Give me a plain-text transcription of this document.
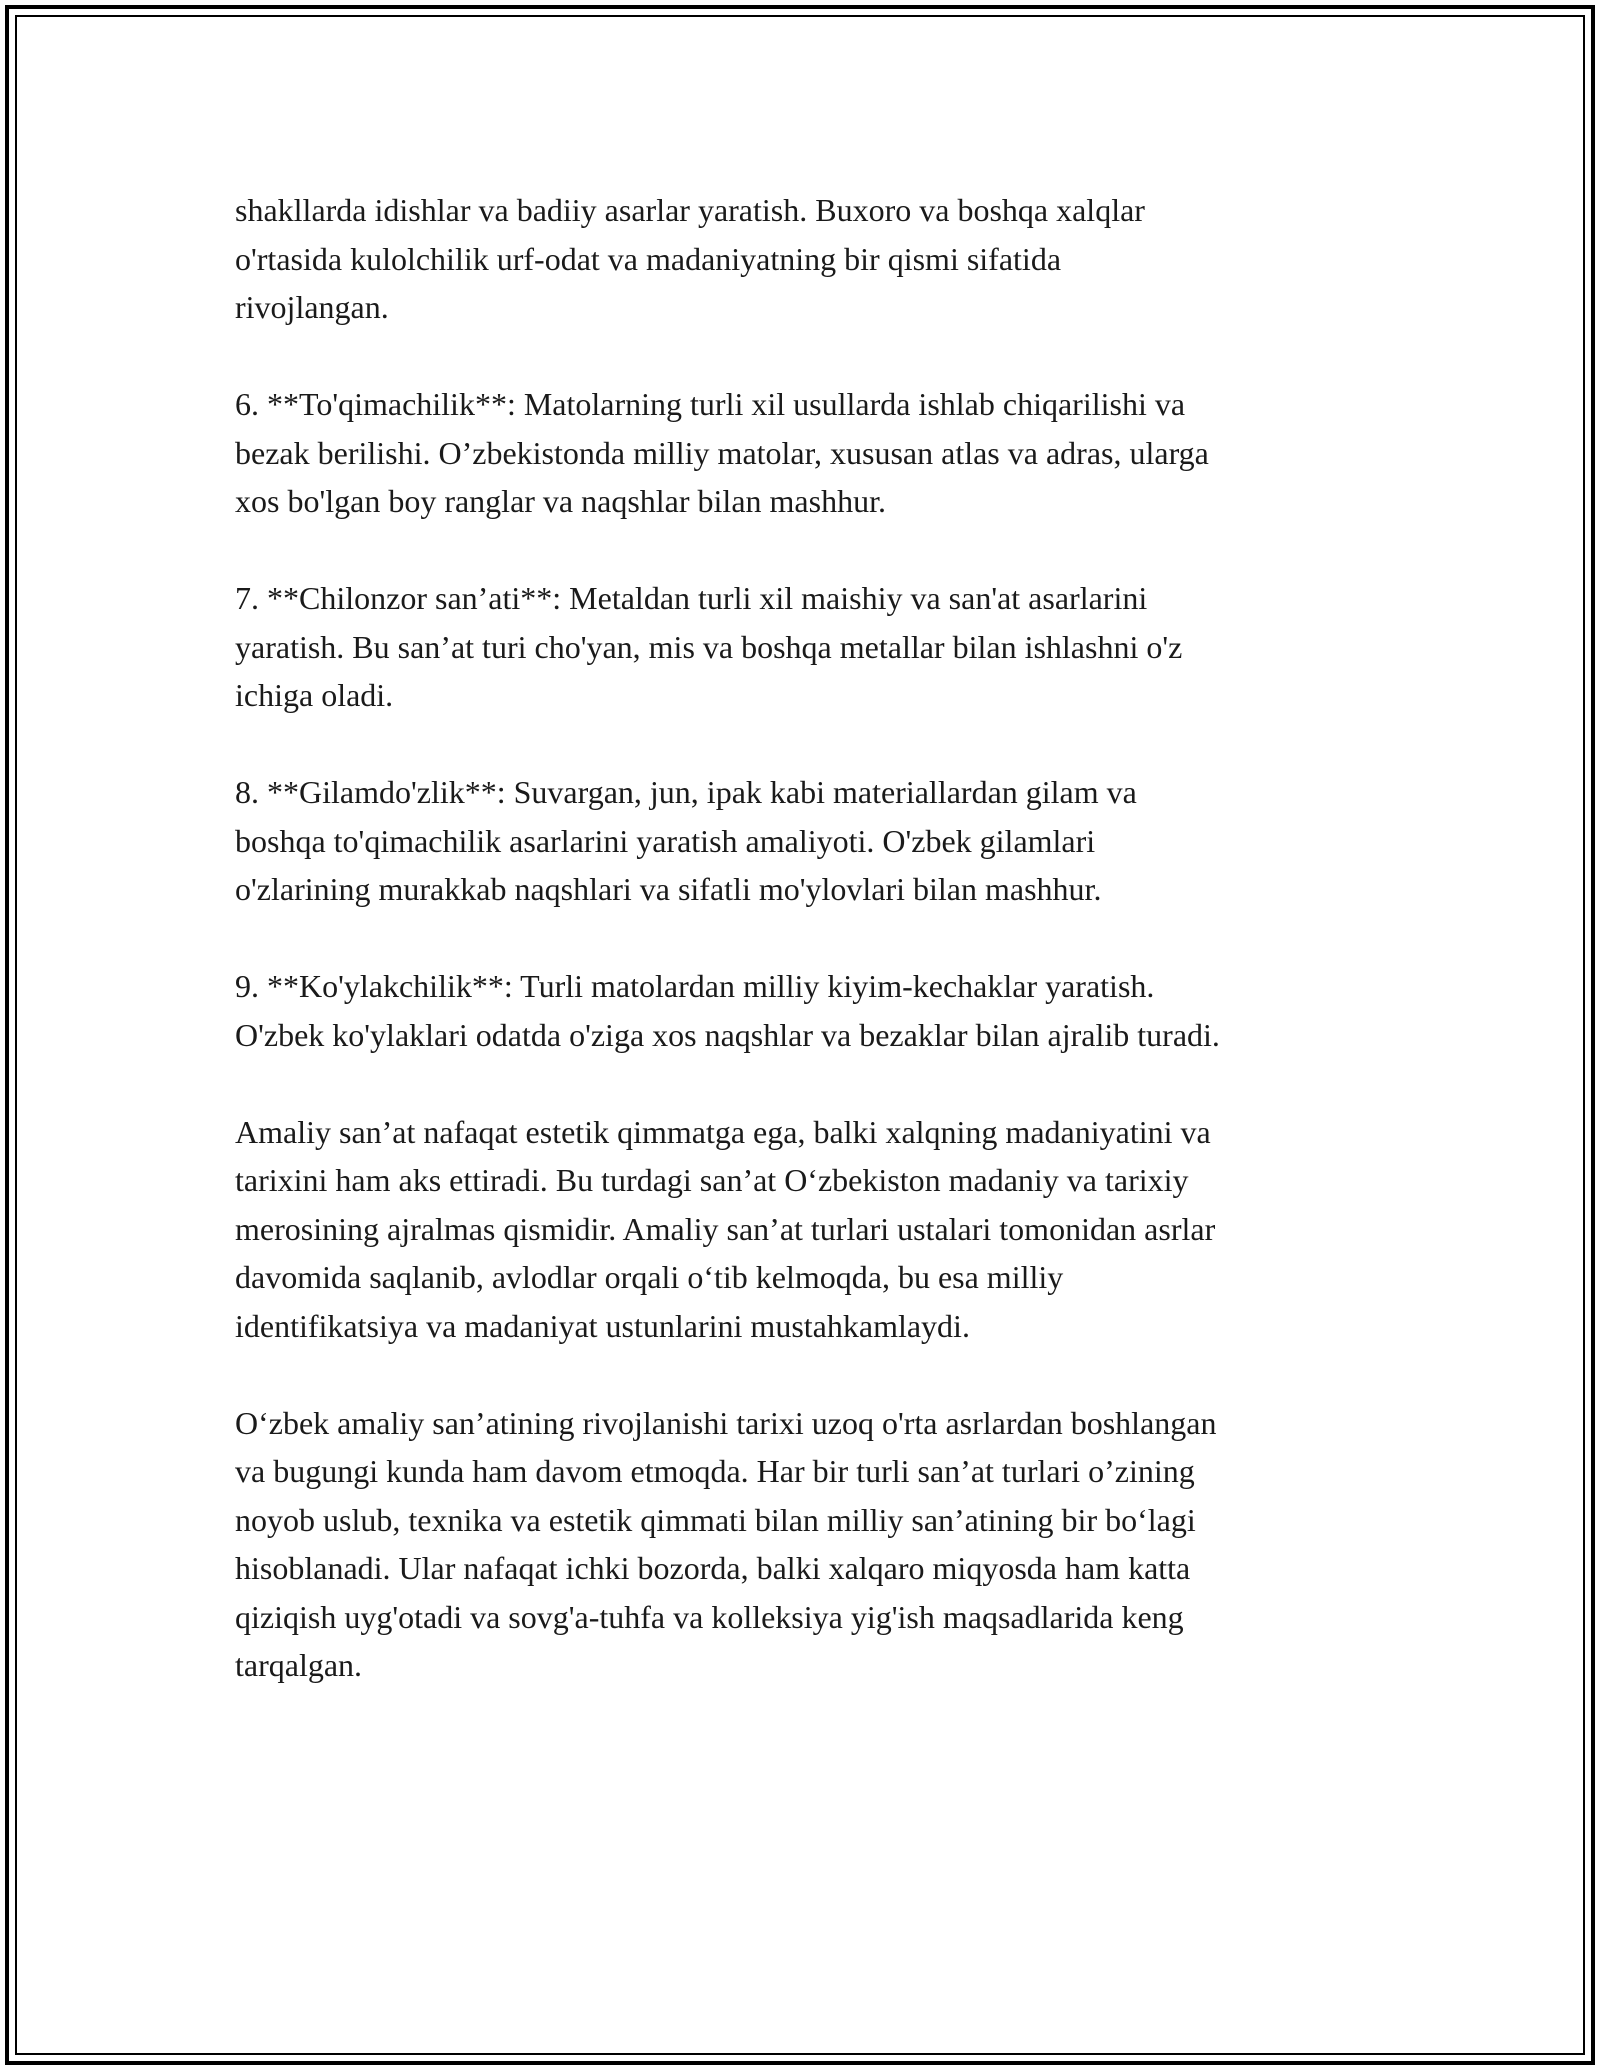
shakllarda idishlar va badiiy asarlar yaratish. Buxoro va boshqa xalqlar
o'rtasida kulolchilik urf-odat va madaniyatning bir qismi sifatida
rivojlangan.

6. **To'qimachilik**: Matolarning turli xil usullarda ishlab chiqarilishi va
bezak berilishi. O’zbekistonda milliy matolar, xususan atlas va adras, ularga
xos bo'lgan boy ranglar va naqshlar bilan mashhur.

7. **Chilonzor san’ati**: Metaldan turli xil maishiy va san'at asarlarini
yaratish. Bu san’at turi cho'yan, mis va boshqa metallar bilan ishlashni o'z
ichiga oladi.

8. **Gilamdo'zlik**: Suvargan, jun, ipak kabi materiallardan gilam va
boshqa to'qimachilik asarlarini yaratish amaliyoti. O'zbek gilamlari
o'zlarining murakkab naqshlari va sifatli mo'ylovlari bilan mashhur.

9. **Ko'ylakchilik**: Turli matolardan milliy kiyim-kechaklar yaratish.
O'zbek ko'ylaklari odatda o'ziga xos naqshlar va bezaklar bilan ajralib turadi.

Amaliy san’at nafaqat estetik qimmatga ega, balki xalqning madaniyatini va
tarixini ham aks ettiradi. Bu turdagi san’at O‘zbekiston madaniy va tarixiy
merosining ajralmas qismidir. Amaliy san’at turlari ustalari tomonidan asrlar
davomida saqlanib, avlodlar orqali o‘tib kelmoqda, bu esa milliy
identifikatsiya va madaniyat ustunlarini mustahkamlaydi.

O‘zbek amaliy san’atining rivojlanishi tarixi uzoq o'rta asrlardan boshlangan
va bugungi kunda ham davom etmoqda. Har bir turli san’at turlari o’zining
noyob uslub, texnika va estetik qimmati bilan milliy san’atining bir bo‘lagi
hisoblanadi. Ular nafaqat ichki bozorda, balki xalqaro miqyosda ham katta
qiziqish uyg'otadi va sovg'a-tuhfa va kolleksiya yig'ish maqsadlarida keng
tarqalgan.
